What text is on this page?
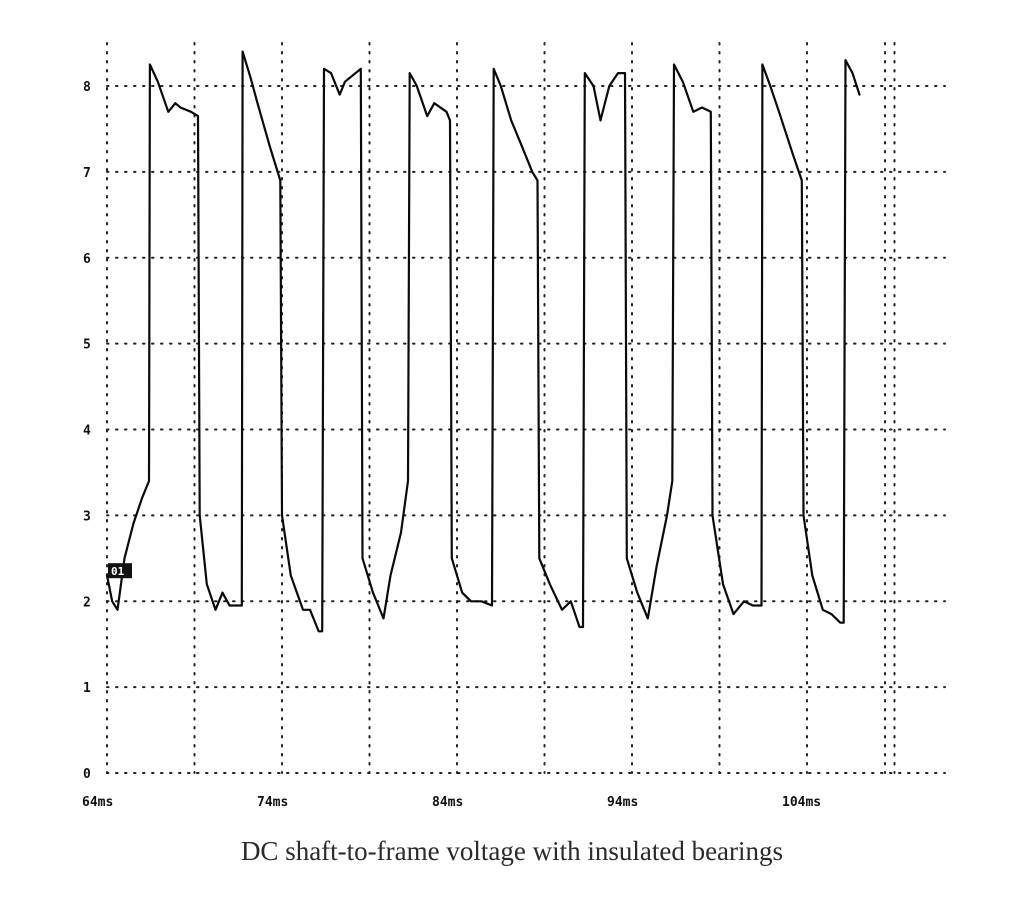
0
1
2
3
4
5
6
7
8
64ms	74ms	84ms	94ms	104ms
01
DC shaft-to-frame voltage with insulated bearings
